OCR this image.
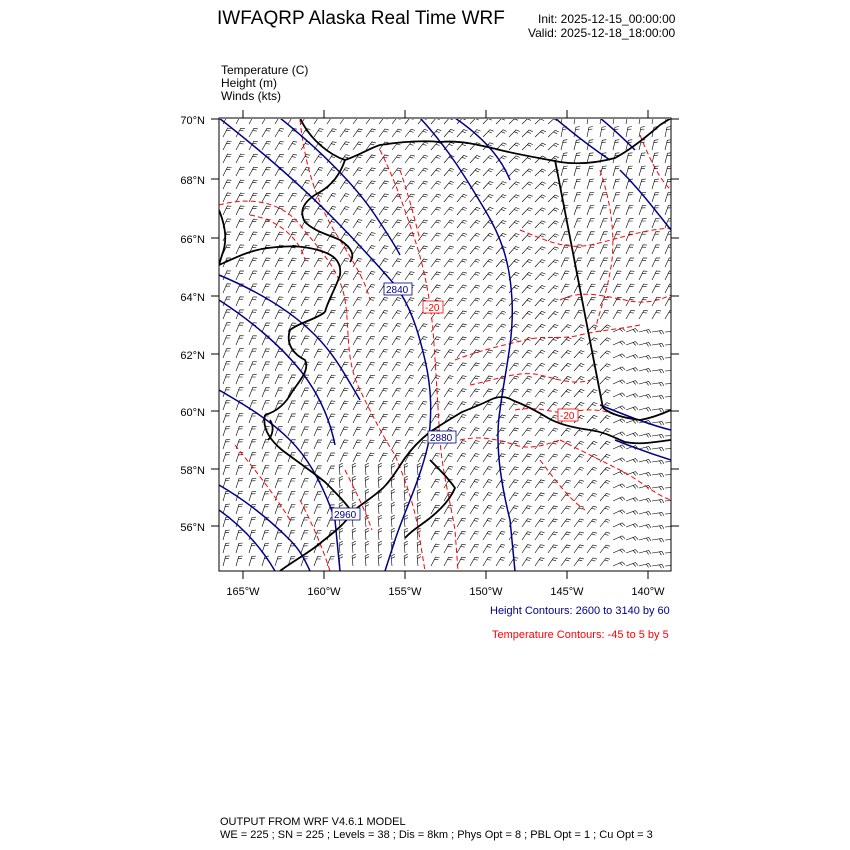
IWFAQRP Alaska Real Time WRF	Init: 2025-12-15_00:00:00
Valid: 2025-12-18_18:00:00
Temperature (C)
Height (m)
Winds (kts)
2840
2880
2960
-20
-20
70°N
68°N
66°N
64°N
62°N
60°N
58°N
56°N
165°W	160°W	155°W	150°W	145°W	140°W
Height Contours: 2600 to 3140 by 60
Temperature Contours: -45 to 5 by 5
OUTPUT FROM WRF V4.6.1 MODEL
WE = 225 ; SN = 225 ; Levels = 38 ; Dis = 8km ; Phys Opt = 8 ; PBL Opt = 1 ; Cu Opt = 3
